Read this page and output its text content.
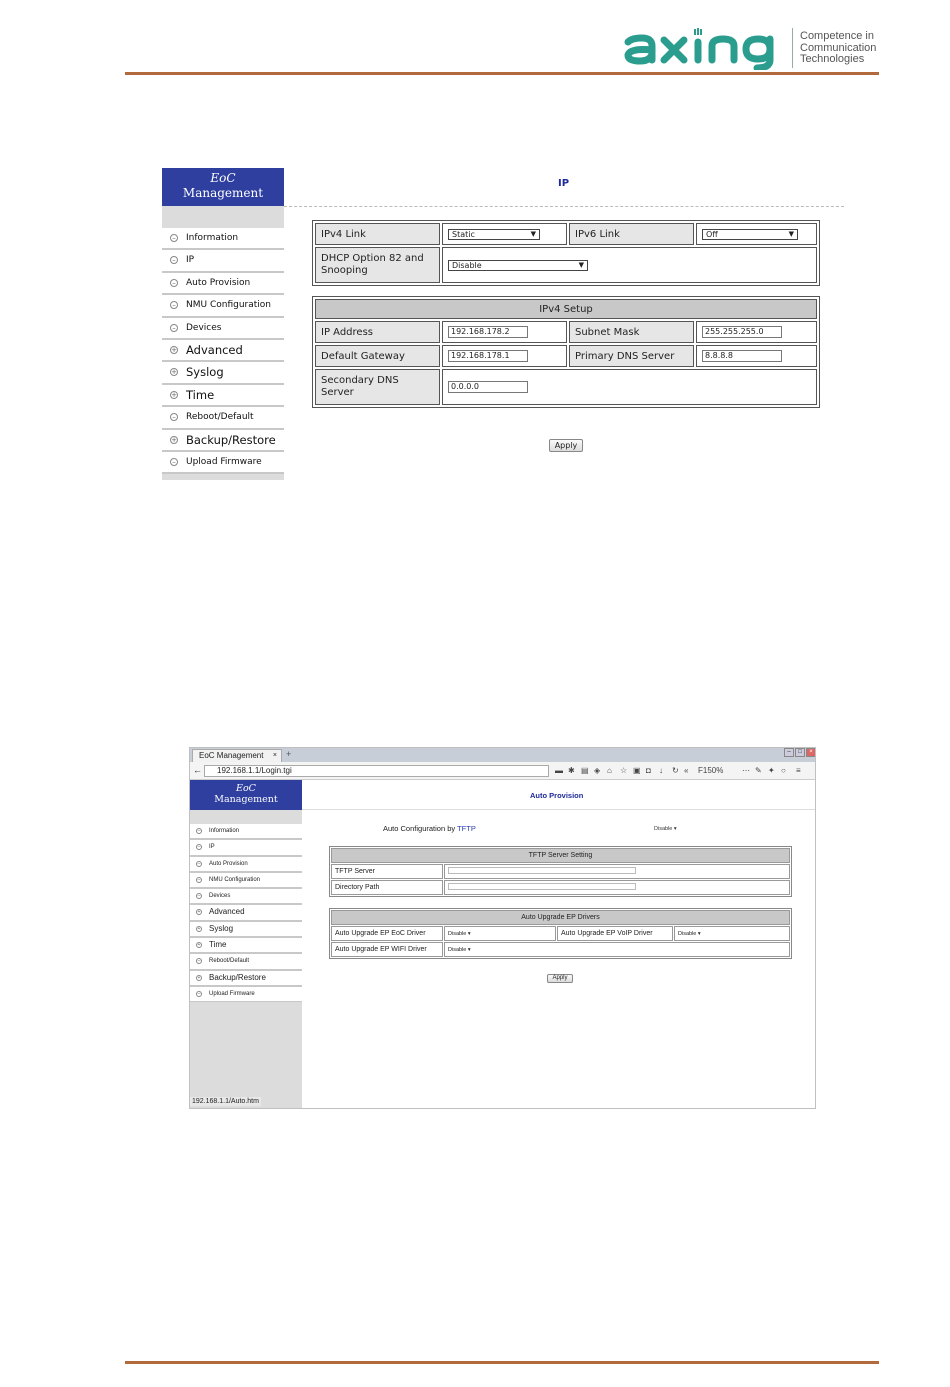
Competence in
Communication
Technologies
EoC
Management
– Information
– IP
– Auto Provision
– NMU Configuration
– Devices
+ Advanced
+ Syslog
+ Time
– Reboot/Default
+ Backup/Restore
– Upload Firmware
IP
IPv4 Link	Static ▼	IPv6 Link	Off ▼

DHCP Option 82 and Snooping	Disable ▼		
IPv4 Setup			
IP Address	192.168.178.2	Subnet Mask	255.255.255.0
Default Gateway	192.168.178.1	Primary DNS Server	8.8.8.8
Secondary DNS Server	0.0.0.0		
Apply
EoC Management × +	–	□	×
←	192.168.1.1/Login.tgi	▬ ✱ ▤ ◈ ⌂ ☆ ▣ ◘ ↓ ↻ « F150% ⋯ ✎ ✦ ○ ≡
EoC
Management
– Information
– IP
– Auto Provision
– NMU Configuration
– Devices
+ Advanced
+ Syslog
+ Time
– Reboot/Default
+ Backup/Restore
– Upload Firmware
192.168.1.1/Auto.htm
Auto Provision
Auto Configuration by TFTP	Disable ▾
TFTP Server Setting	
TFTP Server	
Directory Path	
Auto Upgrade EP Drivers			
Auto Upgrade EP EoC Driver	Disable ▾	Auto Upgrade EP VoIP Driver	Disable ▾
Auto Upgrade EP WIFI Driver	Disable ▾		
Apply
